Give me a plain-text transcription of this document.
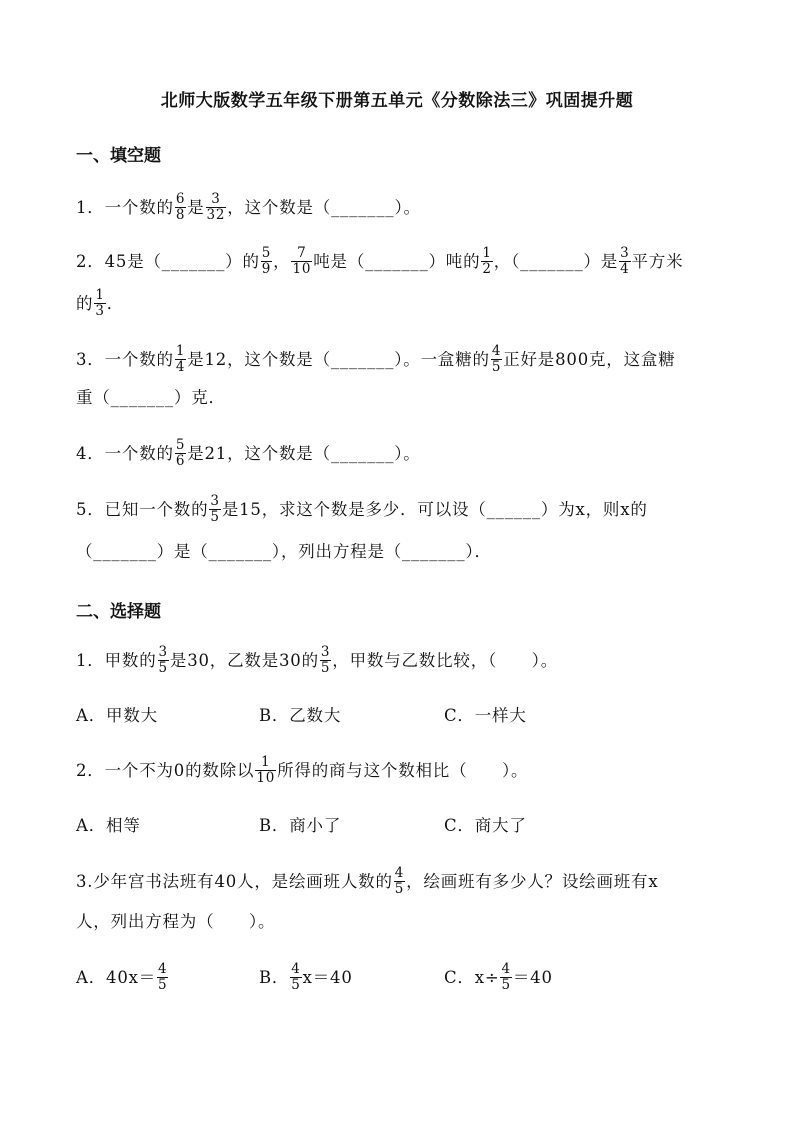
北师大版数学五年级下册第五单元《分数除法三》巩固提升题
一、填空题
1．一个数的 $\frac{6}{8}$ 是 $\frac{3}{32}$ ，这个数是（_______）。
2．45是（_______）的 $\frac{5}{9}$ ， $\frac{7}{10}$ 吨是（_______）吨的 $\frac{1}{2}$ ，（_______）是 $\frac{3}{4}$ 平方米
的 $\frac{1}{3}$ ．
3．一个数的 $\frac{1}{4}$ 是12，这个数是（_______）。一盒糖的 $\frac{4}{5}$ 正好是800克，这盒糖
重（_______）克．
4．一个数的 $\frac{5}{6}$ 是21，这个数是（_______）。
5．已知一个数的 $\frac{3}{5}$ 是15，求这个数是多少．可以设（______）为x，则x的
（_______）是（_______），列出方程是（_______）．
二、选择题
1．甲数的 $\frac{3}{5}$ 是30，乙数是30的 $\frac{3}{5}$ ，甲数与乙数比较，（　　）。
A．甲数大	B．乙数大	C．一样大
2．一个不为0的数除以 $\frac{1}{10}$ 所得的商与这个数相比（　　）。
A．相等	B．商小了	C．商大了
3.少年宫书法班有40人，是绘画班人数的 $\frac{4}{5}$ ，绘画班有多少人？设绘画班有x
人，列出方程为（　　）。
A．$40x= \frac{4}{5}$	B． $\frac{4}{5} x=40$	C．$x\div \frac{4}{5} =40$
